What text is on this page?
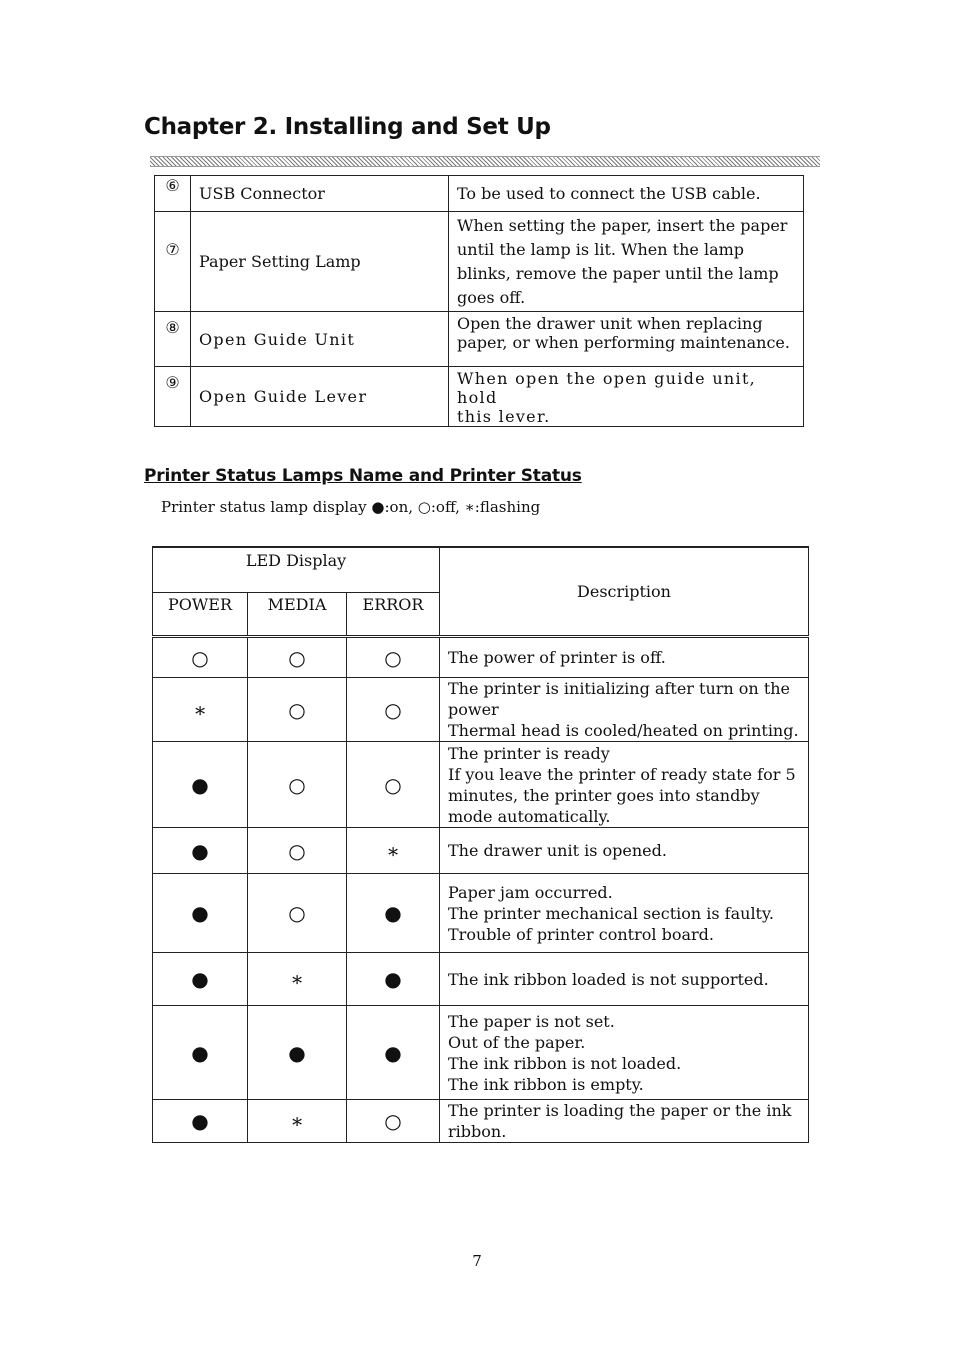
Chapter 2. Installing and Set Up
⑥	USB Connector	To be used to connect the USB cable.

⑦	Paper Setting Lamp	When setting the paper, insert the paper
until the lamp is lit. When the lamp
blinks, remove the paper until the lamp
goes off.

⑧	Open Guide Unit	Open the drawer unit when replacing
paper, or when performing maintenance.

⑨	Open Guide Lever	When open the open guide unit, hold
this lever.
Printer Status Lamps Name and Printer Status
Printer status lamp display ●:on, ○:off, ∗:flashing
LED Display			Description
POWER	MEDIA	ERROR	
○	○	○	The power of printer is off.

∗	○	○	The printer is initializing after turn on the
power
Thermal head is cooled/heated on printing.

●	○	○	The printer is ready
If you leave the printer of ready state for 5
minutes, the printer goes into standby
mode automatically.

●	○	∗	The drawer unit is opened.

●	○	●	Paper jam occurred.
The printer mechanical section is faulty.
Trouble of printer control board.

●	∗	●	The ink ribbon loaded is not supported.

●	●	●	The paper is not set.
Out of the paper.
The ink ribbon is not loaded.
The ink ribbon is empty.

●	∗	○	The printer is loading the paper or the ink
ribbon.
7
